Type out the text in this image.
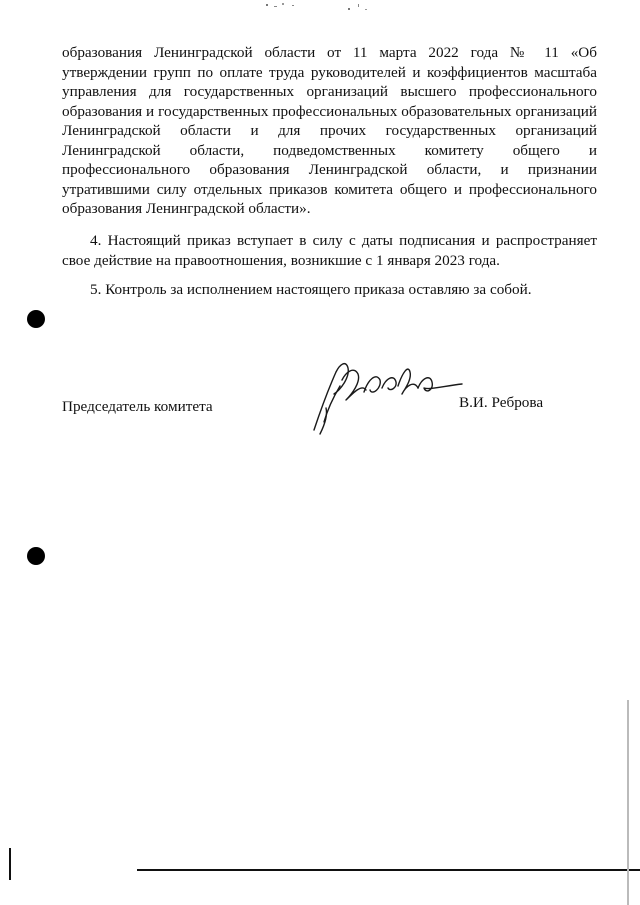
образования Ленинградской области от 11 марта 2022 года № 11 «Об утверждении групп по оплате труда руководителей и коэффициентов масштаба управления для государственных организаций высшего профессионального образования и государственных профессиональных образовательных организаций Ленинградской области и для прочих государственных организаций Ленинградской области, подведомственных комитету общего и профессионального образования Ленинградской области, и признании утратившими силу отдельных приказов комитета общего и профессионального образования Ленинградской области».

4. Настоящий приказ вступает в силу с даты подписания и распространяет свое действие на правоотношения, возникшие с 1 января 2023 года.

5. Контроль за исполнением настоящего приказа оставляю за собой.

Председатель комитета	В.И. Реброва
